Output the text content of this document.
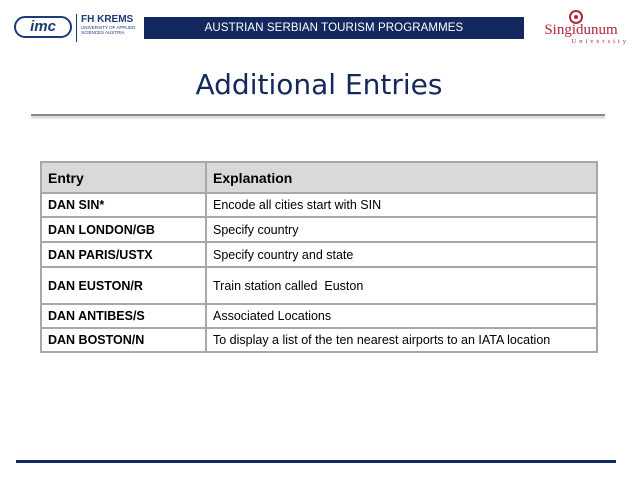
imc	FH KREMS
UNIVERSITY OF APPLIED SCIENCES AUSTRIA	AUSTRIAN SERBIAN TOURISM PROGRAMMES	Singidunum
University
Additional Entries
Entry	Explanation
DAN SIN*	Encode all cities start with SIN
DAN LONDON/GB	Specify country
DAN PARIS/USTX	Specify country and state
DAN EUSTON/R	Train station called  Euston
DAN ANTIBES/S	Associated Locations
DAN BOSTON/N	To display a list of the ten nearest airports to an IATA location
